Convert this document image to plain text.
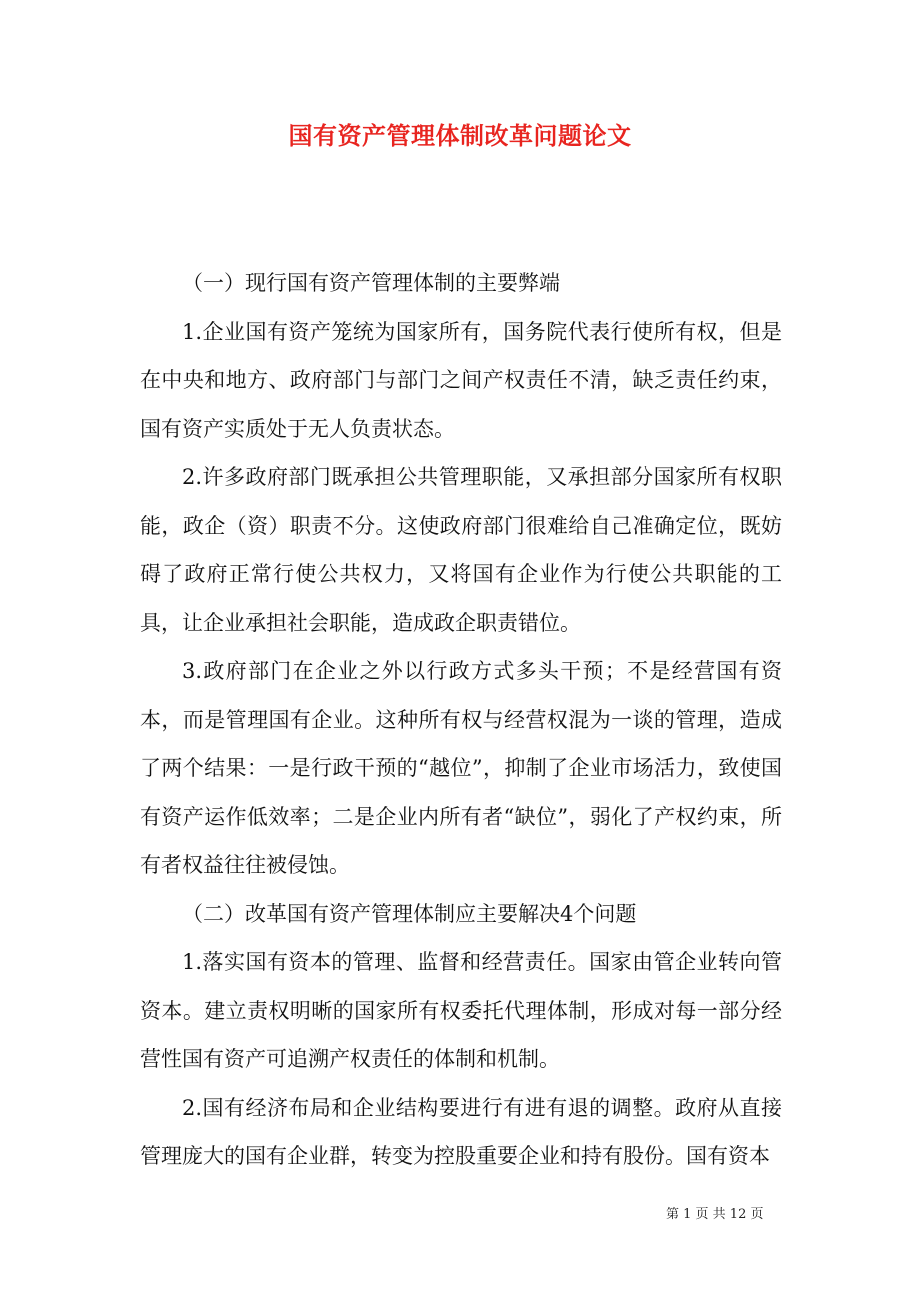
国有资产管理体制改革问题论文

（一）现行国有资产管理体制的主要弊端

1.企业国有资产笼统为国家所有，国务院代表行使所有权，但是在中央和地方、政府部门与部门之间产权责任不清，缺乏责任约束，国有资产实质处于无人负责状态。

2.许多政府部门既承担公共管理职能，又承担部分国家所有权职能，政企（资）职责不分。这使政府部门很难给自己准确定位，既妨碍了政府正常行使公共权力，又将国有企业作为行使公共职能的工具，让企业承担社会职能，造成政企职责错位。

3.政府部门在企业之外以行政方式多头干预；不是经营国有资本，而是管理国有企业。这种所有权与经营权混为一谈的管理，造成了两个结果：一是行政干预的“越位”，抑制了企业市场活力，致使国有资产运作低效率；二是企业内所有者“缺位”，弱化了产权约束，所有者权益往往被侵蚀。

（二）改革国有资产管理体制应主要解决4个问题

1.落实国有资本的管理、监督和经营责任。国家由管企业转向管资本。建立责权明晰的国家所有权委托代理体制，形成对每一部分经营性国有资产可追溯产权责任的体制和机制。

2.国有经济布局和企业结构要进行有进有退的调整。政府从直接管理庞大的国有企业群，转变为控股重要企业和持有股份。国有资本

第 1 页 共 12 页
